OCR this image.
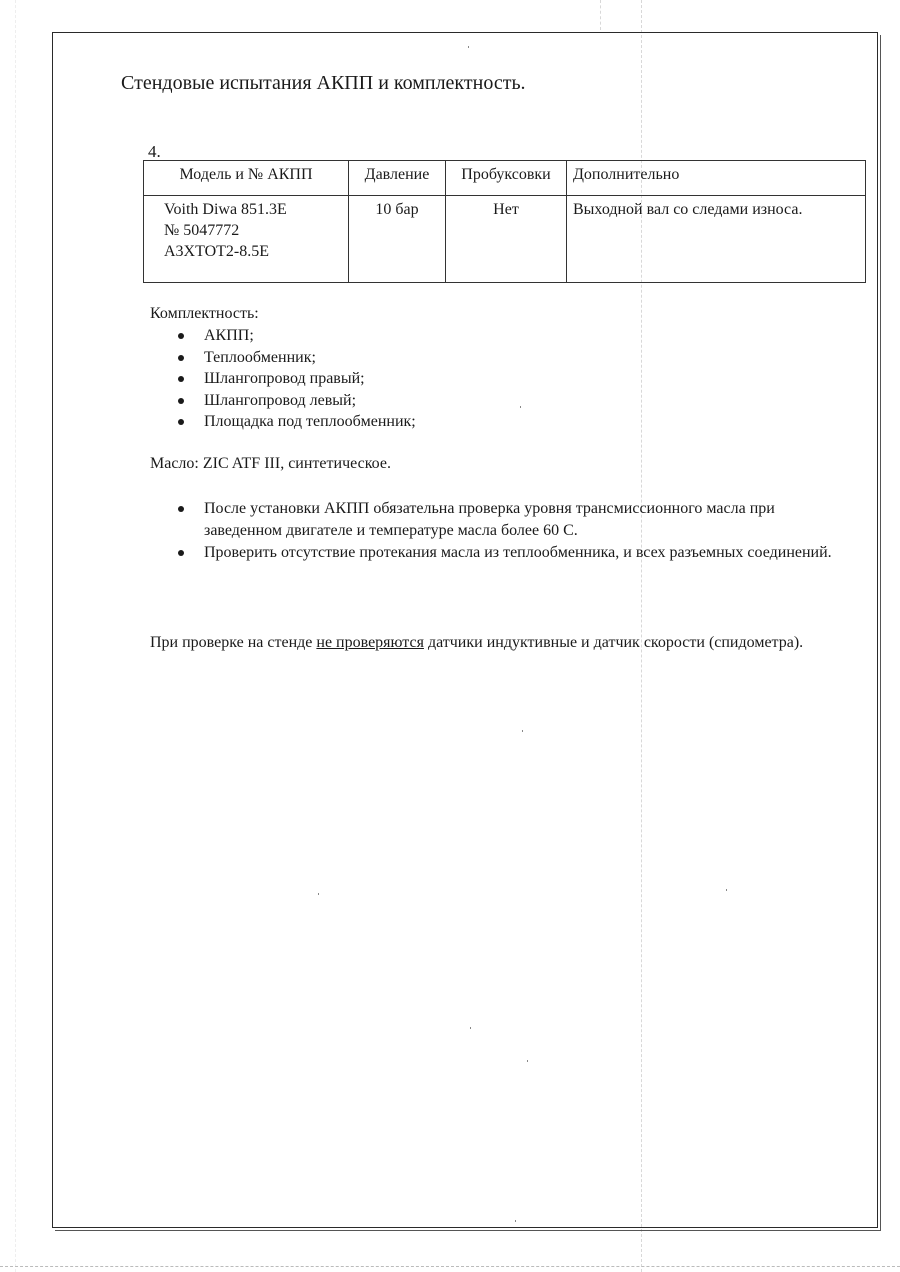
Стендовые испытания АКПП и комплектность.
4.
Модель и № АКПП	Давление	Пробуксовки	Дополнительно

Voith Diwa 851.3E
№ 5047772
A3XTOT2-8.5E	10 бар	Нет	Выходной вал со следами износа.
Комплектность:
АКПП;
Теплообменник;
Шлангопровод правый;
Шлангопровод левый;
Площадка под теплообменник;
Масло: ZIC ATF III, синтетическое.
После установки АКПП обязательна проверка уровня трансмиссионного масла при заведенном двигателе и температуре масла более 60 С.
Проверить отсутствие протекания масла из теплообменника, и всех разъемных соединений.
При проверке на стенде не проверяются датчики индуктивные и датчик скорости (спидометра).
